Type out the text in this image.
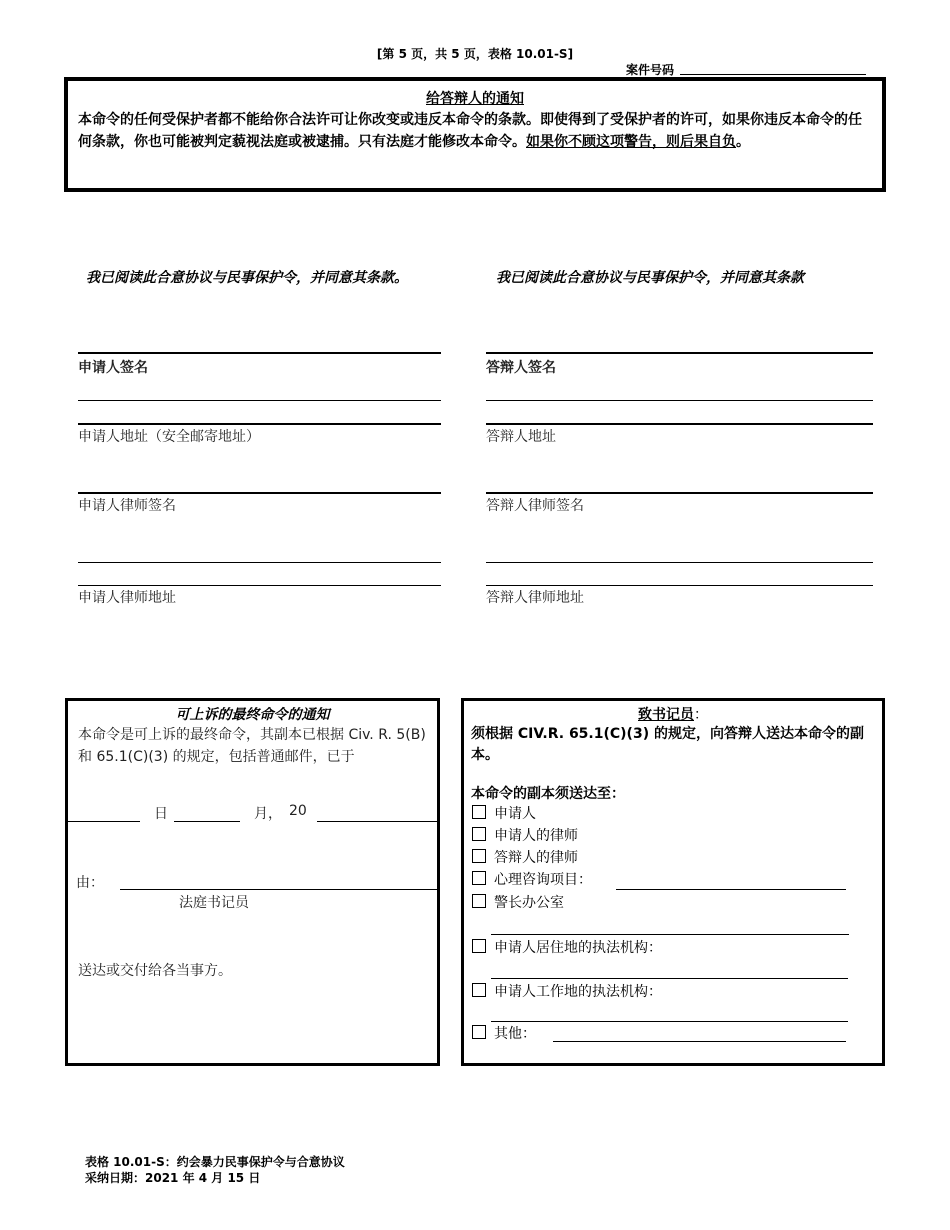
[第 5 页，共 5 页，表格 10.01-S]
案件号码
给答辩人的通知
本命令的任何受保护者都不能给你合法许可让你改变或违反本命令的条款。即使得到了受保护者的许可，如果你违反本命令的任何条款，你也可能被判定藐视法庭或被逮捕。只有法庭才能修改本命令。如果你不顾这项警告，则后果自负。
我已阅读此合意协议与民事保护令，并同意其条款。	我已阅读此合意协议与民事保护令，并同意其条款
申请人签名
申请人地址（安全邮寄地址）
申请人律师签名
申请人律师地址
答辩人签名
答辩人地址
答辩人律师签名
答辩人律师地址
可上诉的最终命令的通知
本命令是可上诉的最终命令，其副本已根据 Civ. R. 5(B) 和 65.1(C)(3) 的规定，包括普通邮件，已于
日	月， 20
由：
法庭书记员
送达或交付给各当事方。
致书记员：
须根据 CIV.R. 65.1(C)(3) 的规定，向答辩人送达本命令的副本。
本命令的副本须送达至：
申请人
申请人的律师
答辩人的律师
心理咨询项目：
警长办公室
申请人居住地的执法机构：
申请人工作地的执法机构：
其他：
表格 10.01-S：约会暴力民事保护令与合意协议
采纳日期：2021 年 4 月 15 日
